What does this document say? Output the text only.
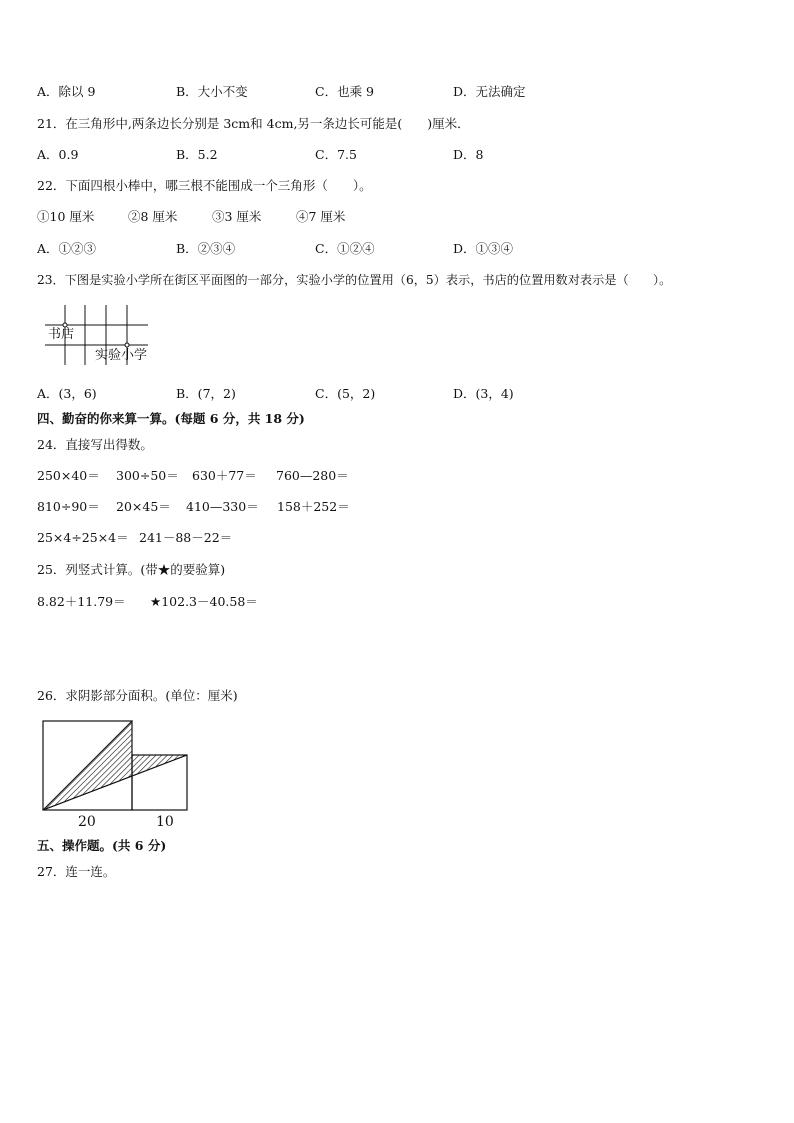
A．除以 9	B．大小不变	C．也乘 9	D．无法确定
21．在三角形中,两条边长分别是 3cm和 4cm,另一条边长可能是(　　)厘米．
A．0.9	B．5.2	C．7.5	D．8
22．下面四根小棒中，哪三根不能围成一个三角形（　　）。
①10 厘米	②8 厘米	③3 厘米	④7 厘米
A．①②③	B．②③④	C．①②④	D．①③④
23．下图是实验小学所在街区平面图的一部分，实验小学的位置用（6，5）表示，书店的位置用数对表示是（　　）。
书店
实验小学
A．(3，6)	B．(7，2)	C．(5，2)	D．(3，4)
四、勤奋的你来算一算。(每题 6 分，共 18 分)
24．直接写出得数。
250×40＝ 300÷50＝ 630＋77＝ 760—280＝
810÷90＝ 20×45＝ 410—330＝ 158＋252＝
25×4÷25×4＝ 241－88－22＝
25．列竖式计算。(带★的要验算)
8.82＋11.79＝ ★102.3－40.58＝
26．求阴影部分面积。(单位：厘米)
20	10
五、操作题。(共 6 分)
27．连一连。
